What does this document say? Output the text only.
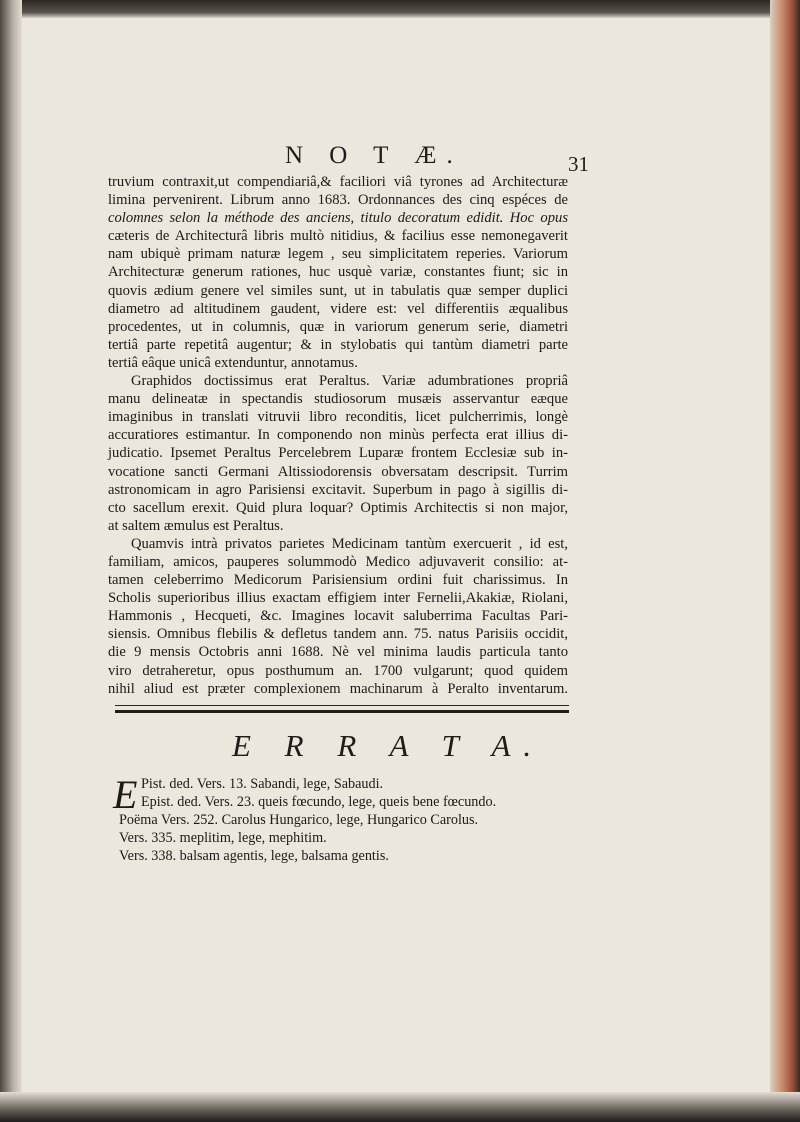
N O T Æ.	31
truvium contraxit,ut compendiariâ,& faciliori viâ tyrones ad Architecturæ
limina pervenirent. Librum anno 1683. Ordonnances des cinq espéces de
colomnes selon la méthode des anciens, titulo decoratum edidit. Hoc opus
cæteris de Architecturâ libris multò nitidius, & facilius esse nemonegaverit
nam ubiquè primam naturæ legem , seu simplicitatem reperies. Variorum
Architecturæ generum rationes, huc usquè variæ, constantes fiunt; sic in
quovis ædium genere vel similes sunt, ut in tabulatis quæ semper duplici
diametro ad altitudinem gaudent, videre est: vel differentiis æqualibus
procedentes, ut in columnis, quæ in variorum generum serie, diametri
tertiâ parte repetitâ augentur; & in stylobatis qui tantùm diametri parte
tertiâ eâque unicâ extenduntur, annotamus.
Graphidos doctissimus erat Peraltus. Variæ adumbrationes propriâ
manu delineatæ in spectandis studiosorum musæis asservantur eæque
imaginibus in translati vitruvii libro reconditis, licet pulcherrimis, longè
accuratiores estimantur. In componendo non minùs perfecta erat illius di-
judicatio. Ipsemet Peraltus Percelebrem Luparæ frontem Ecclesiæ sub in-
vocatione sancti Germani Altissiodorensis obversatam descripsit. Turrim
astronomicam in agro Parisiensi excitavit. Superbum in pago à sigillis di-
cto sacellum erexit. Quid plura loquar? Optimis Architectis si non major,
at saltem æmulus est Peraltus.
Quamvis intrà privatos parietes Medicinam tantùm exercuerit , id est,
familiam, amicos, pauperes solummodò Medico adjuvaverit consilio: at-
tamen celeberrimo Medicorum Parisiensium ordini fuit charissimus. In
Scholis superioribus illius exactam effigiem inter Fernelii,Akakiæ, Riolani,
Hammonis , Hecqueti, &c. Imagines locavit saluberrima Facultas Pari-
siensis. Omnibus flebilis & defletus tandem ann. 75. natus Parisiis occidit,
die 9 mensis Octobris anni 1688. Nè vel minima laudis particula tanto
viro detraheretur, opus posthumum an. 1700 vulgarunt; quod quidem
nihil aliud est præter complexionem machinarum à Peralto inventarum.
E R R A T A.
E Pist. ded. Vers. 13. Sabandi, lege, Sabaudi.
Epist. ded. Vers. 23. queis fœcundo, lege, queis bene fœcundo.
Poëma Vers. 252. Carolus Hungarico, lege, Hungarico Carolus.
Vers. 335. meplitim, lege, mephitim.
Vers. 338. balsam agentis, lege, balsama gentis.
